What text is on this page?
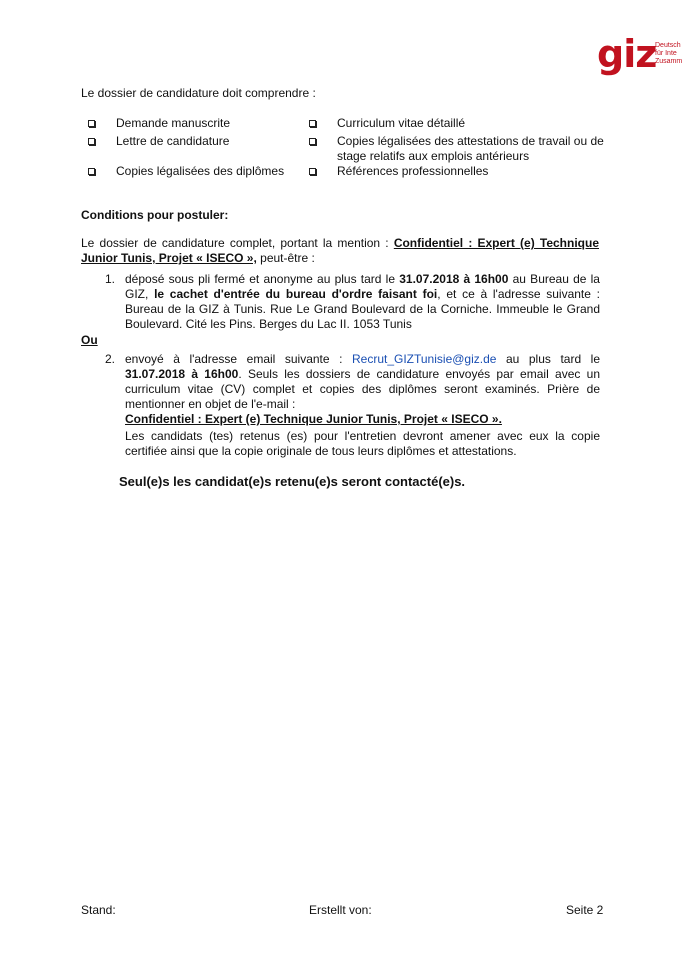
giz
Deutsch
für Inte
Zusamm
Le dossier de candidature doit comprendre :
Demande manuscrite
Lettre de candidature
Copies légalisées des diplômes
Curriculum vitae détaillé
Copies légalisées des attestations de travail ou de
stage relatifs aux emplois antérieurs
Références professionnelles
Conditions pour postuler:
Le dossier de candidature complet, portant la mention : Confidentiel : Expert (e) Technique Junior Tunis, Projet « ISECO », peut-être :
1. déposé sous pli fermé et anonyme au plus tard le 31.07.2018 à 16h00 au Bureau de la GIZ, le cachet d'entrée du bureau d'ordre faisant foi, et ce à l'adresse suivante : Bureau de la GIZ à Tunis. Rue Le Grand Boulevard de la Corniche. Immeuble le Grand Boulevard. Cité les Pins. Berges du Lac II. 1053 Tunis
Ou
2. envoyé à l'adresse email suivante : Recrut_GIZTunisie@giz.de au plus tard le 31.07.2018 à 16h00. Seuls les dossiers de candidature envoyés par email avec un curriculum vitae (CV) complet et copies des diplômes seront examinés. Prière de mentionner en objet de l'e-mail :
Confidentiel : Expert (e) Technique Junior Tunis, Projet « ISECO ».
Les candidats (tes) retenus (es) pour l'entretien devront amener avec eux la copie certifiée ainsi que la copie originale de tous leurs diplômes et attestations.
Seul(e)s les candidat(e)s retenu(e)s seront contacté(e)s.
Stand:	Erstellt von:	Seite 2
